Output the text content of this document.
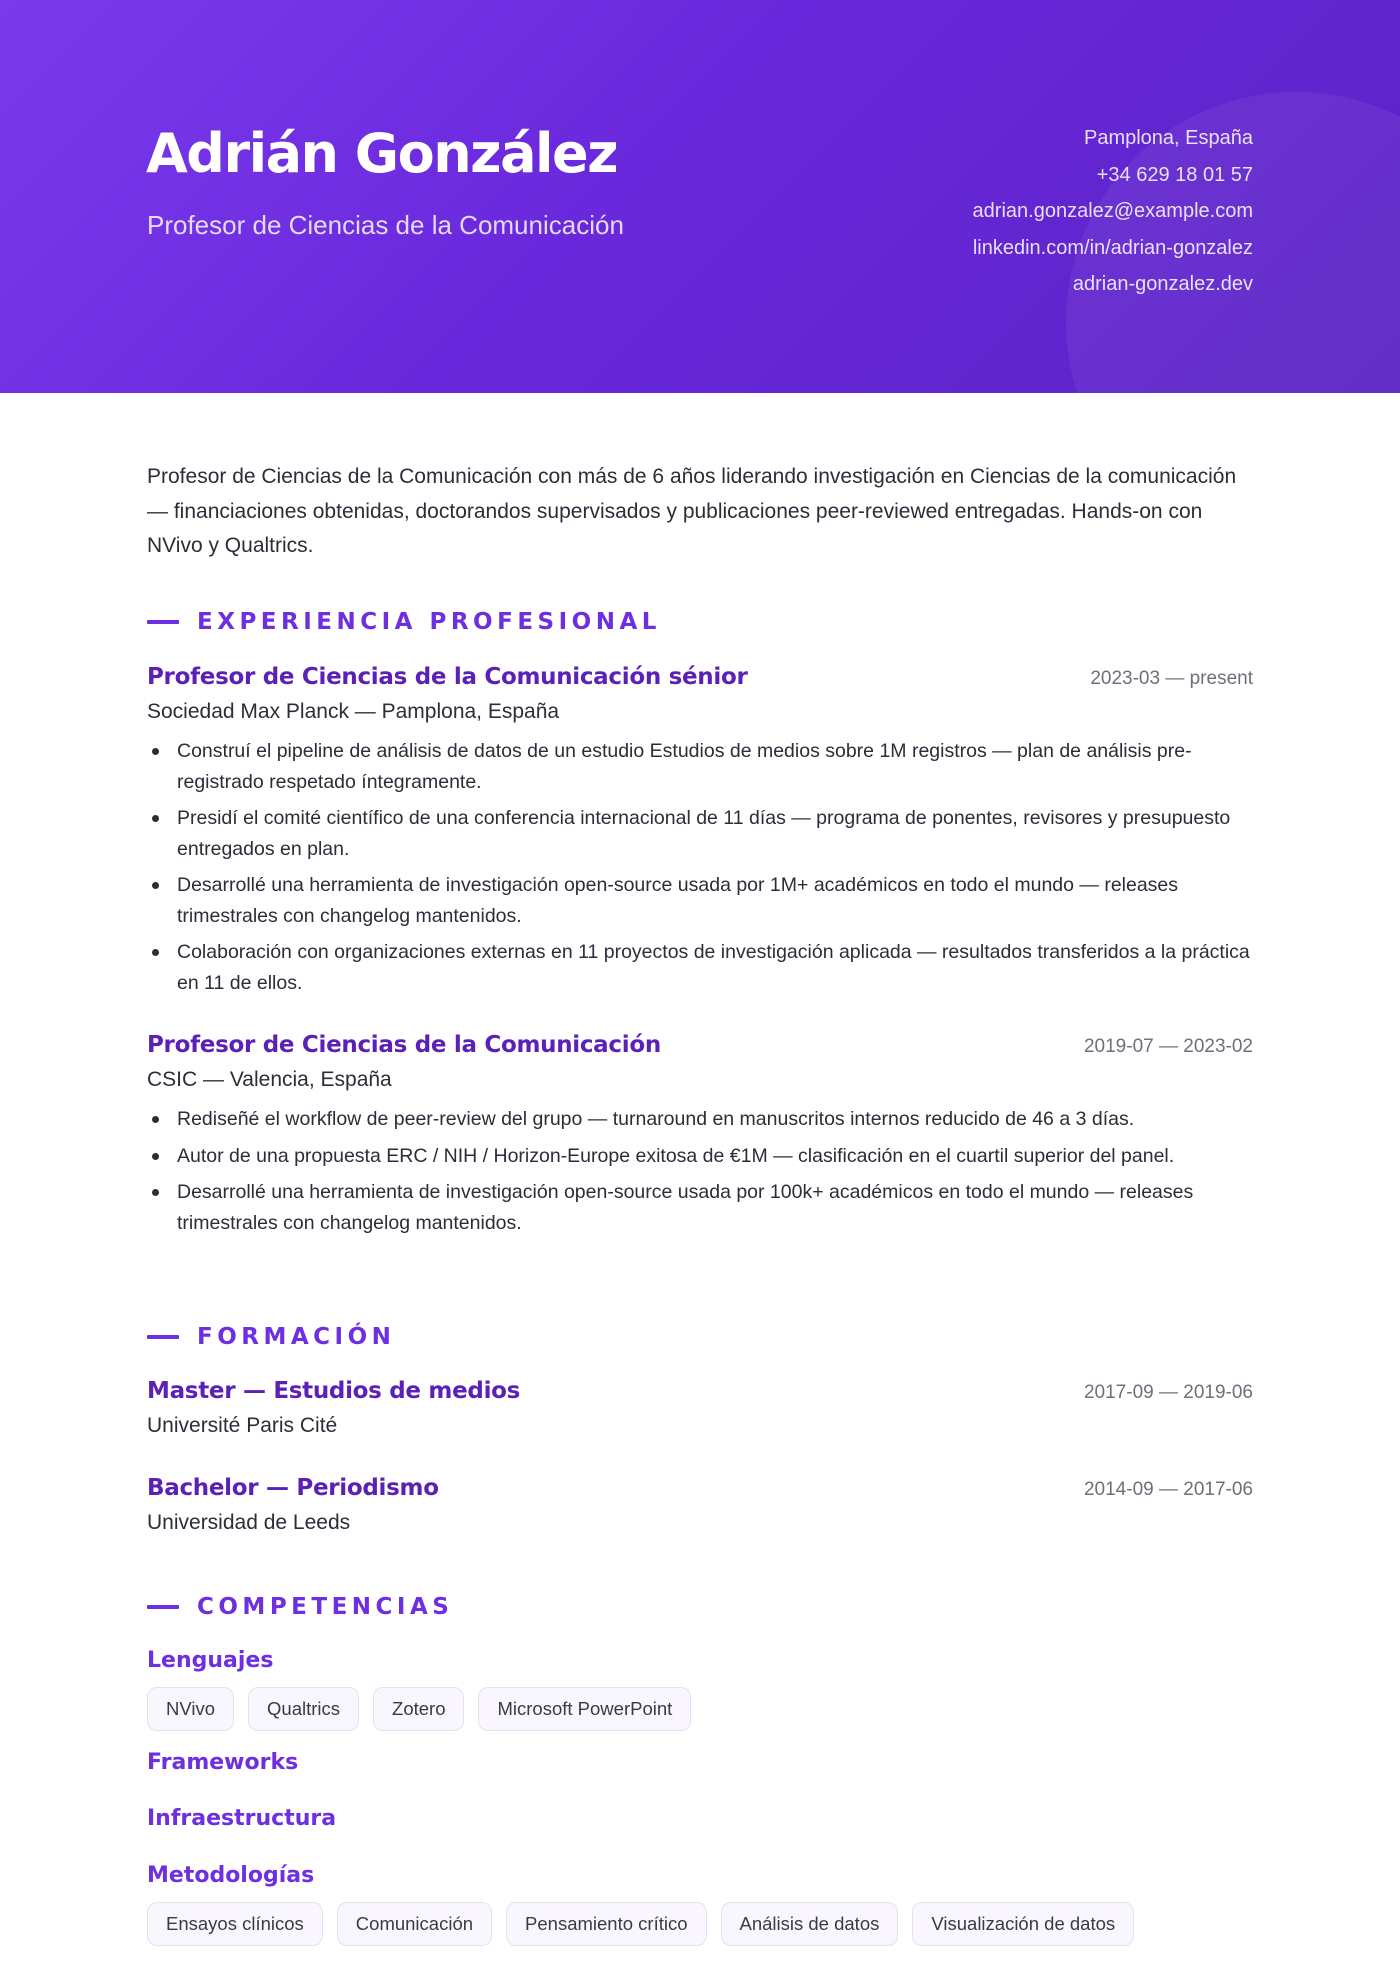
Adrián González
Profesor de Ciencias de la Comunicación
Pamplona, España
+34 629 18 01 57
adrian.gonzalez@example.com
linkedin.com/in/adrian-gonzalez
adrian-gonzalez.dev

Profesor de Ciencias de la Comunicación con más de 6 años liderando investigación en Ciencias de la comunicación — financiaciones obtenidas, doctorandos supervisados y publicaciones peer-reviewed entregadas. Hands-on con NVivo y Qualtrics.

EXPERIENCIA PROFESIONAL
Profesor de Ciencias de la Comunicación sénior	2023-03 — present
Sociedad Max Planck — Pamplona, España
Construí el pipeline de análisis de datos de un estudio Estudios de medios sobre 1M registros — plan de análisis pre-registrado respetado íntegramente.
Presidí el comité científico de una conferencia internacional de 11 días — programa de ponentes, revisores y presupuesto entregados en plan.
Desarrollé una herramienta de investigación open-source usada por 1M+ académicos en todo el mundo — releases trimestrales con changelog mantenidos.
Colaboración con organizaciones externas en 11 proyectos de investigación aplicada — resultados transferidos a la práctica en 11 de ellos.
Profesor de Ciencias de la Comunicación	2019-07 — 2023-02
CSIC — Valencia, España
Rediseñé el workflow de peer-review del grupo — turnaround en manuscritos internos reducido de 46 a 3 días.
Autor de una propuesta ERC / NIH / Horizon-Europe exitosa de €1M — clasificación en el cuartil superior del panel.
Desarrollé una herramienta de investigación open-source usada por 100k+ académicos en todo el mundo — releases trimestrales con changelog mantenidos.
FORMACIÓN
Master — Estudios de medios	2017-09 — 2019-06
Université Paris Cité
Bachelor — Periodismo	2014-09 — 2017-06
Universidad de Leeds
COMPETENCIAS
Lenguajes
NVivo	Qualtrics	Zotero	Microsoft PowerPoint
Frameworks
Infraestructura
Metodologías
Ensayos clínicos	Comunicación	Pensamiento crítico	Análisis de datos	Visualización de datos
